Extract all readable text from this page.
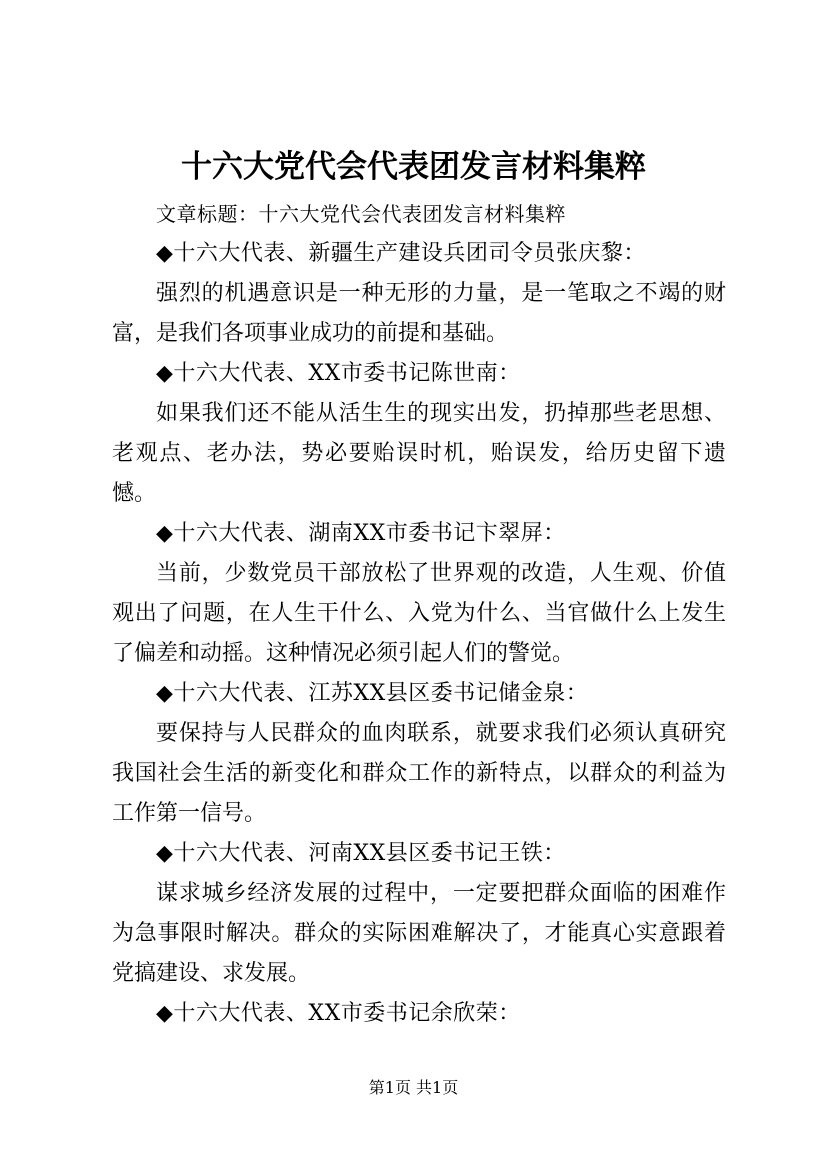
十六大党代会代表团发言材料集粹

文章标题：十六大党代会代表团发言材料集粹

◆十六大代表、新疆生产建设兵团司令员张庆黎：

强烈的机遇意识是一种无形的力量，是一笔取之不竭的财富，是我们各项事业成功的前提和基础。

◆十六大代表、XX市委书记陈世南：

如果我们还不能从活生生的现实出发，扔掉那些老思想、老观点、老办法，势必要贻误时机，贻误发，给历史留下遗憾。

◆十六大代表、湖南XX市委书记卞翠屏：

当前，少数党员干部放松了世界观的改造，人生观、价值观出了问题，在人生干什么、入党为什么、当官做什么上发生了偏差和动摇。这种情况必须引起人们的警觉。

◆十六大代表、江苏XX县区委书记储金泉：

要保持与人民群众的血肉联系，就要求我们必须认真研究我国社会生活的新变化和群众工作的新特点，以群众的利益为工作第一信号。

◆十六大代表、河南XX县区委书记王铁：

谋求城乡经济发展的过程中，一定要把群众面临的困难作为急事限时解决。群众的实际困难解决了，才能真心实意跟着党搞建设、求发展。

◆十六大代表、XX市委书记余欣荣：

第1页 共1页
